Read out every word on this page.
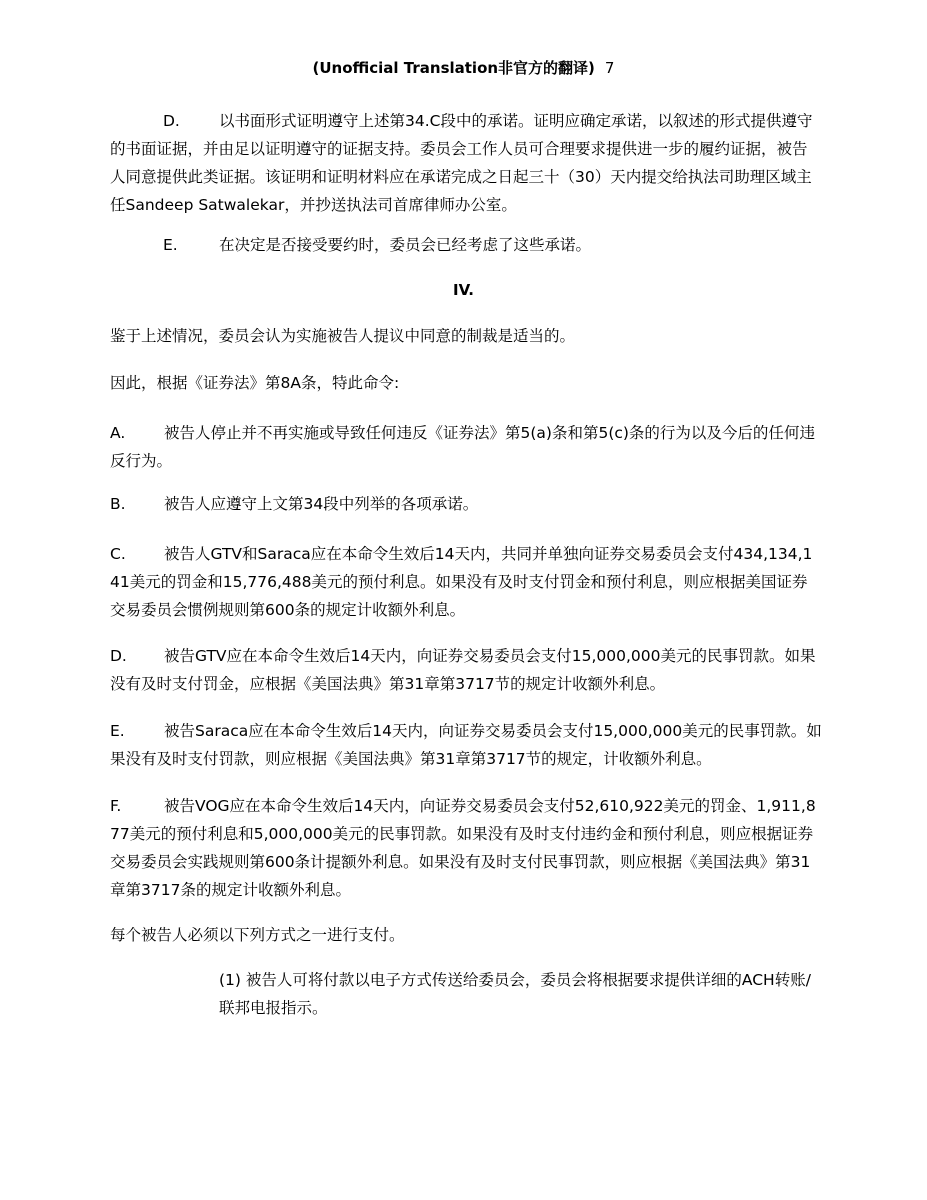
(Unofficial Translation非官方的翻译) 7
D.	以书面形式证明遵守上述第34.C段中的承诺。证明应确定承诺，以叙述的形式提供遵守的书面证据，并由足以证明遵守的证据支持。委员会工作人员可合理要求提供进一步的履约证据，被告人同意提供此类证据。该证明和证明材料应在承诺完成之日起三十（30）天内提交给执法司助理区域主任Sandeep Satwalekar，并抄送执法司首席律师办公室。
E.	在决定是否接受要约时，委员会已经考虑了这些承诺。
IV.
鉴于上述情况，委员会认为实施被告人提议中同意的制裁是适当的。
因此，根据《证券法》第8A条，特此命令:
A. 被告人停止并不再实施或导致任何违反《证券法》第5(a)条和第5(c)条的行为以及今后的任何违反行为。
B. 被告人应遵守上文第34段中列举的各项承诺。
C. 被告人GTV和Saraca应在本命令生效后14天内，共同并单独向证券交易委员会支付434,134,141美元的罚金和15,776,488美元的预付利息。如果没有及时支付罚金和预付利息，则应根据美国证券交易委员会惯例规则第600条的规定计收额外利息。
D. 被告GTV应在本命令生效后14天内，向证券交易委员会支付15,000,000美元的民事罚款。如果没有及时支付罚金，应根据《美国法典》第31章第3717节的规定计收额外利息。
E.	被告Saraca应在本命令生效后14天内，向证券交易委员会支付15,000,000美元的民事罚款。如果没有及时支付罚款，则应根据《美国法典》第31章第3717节的规定，计收额外利息。
F.	被告VOG应在本命令生效后14天内，向证券交易委员会支付52,610,922美元的罚金、1,911,877美元的预付利息和5,000,000美元的民事罚款。如果没有及时支付违约金和预付利息，则应根据证券交易委员会实践规则第600条计提额外利息。如果没有及时支付民事罚款，则应根据《美国法典》第31章第3717条的规定计收额外利息。
每个被告人必须以下列方式之一进行支付。
(1) 被告人可将付款以电子方式传送给委员会，委员会将根据要求提供详细的ACH转账/联邦电报指示。
